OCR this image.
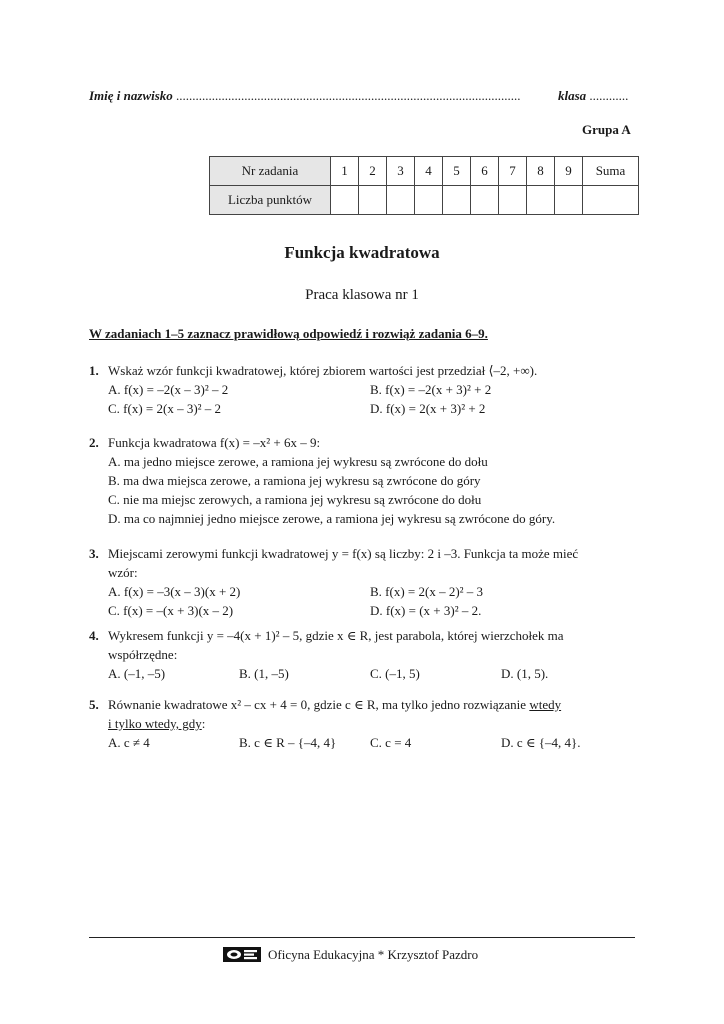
Imię i nazwisko ..........................................................................................................	klasa ............
Grupa A
Nr zadania	1	2	3	4	5	6	7	8	9	Suma
Liczba punktów										
Funkcja kwadratowa
Praca klasowa nr 1
W zadaniach 1–5 zaznacz prawidłową odpowiedź i rozwiąż zadania 6–9.
1. Wskaż wzór funkcji kwadratowej, której zbiorem wartości jest przedział ⟨–2, +∞).
A. f(x) = –2(x – 3)² – 2	B. f(x) = –2(x + 3)² + 2
C. f(x) = 2(x – 3)² – 2	D. f(x) = 2(x + 3)² + 2
2. Funkcja kwadratowa f(x) = –x² + 6x – 9:
A. ma jedno miejsce zerowe, a ramiona jej wykresu są zwrócone do dołu
B. ma dwa miejsca zerowe, a ramiona jej wykresu są zwrócone do góry
C. nie ma miejsc zerowych, a ramiona jej wykresu są zwrócone do dołu
D. ma co najmniej jedno miejsce zerowe, a ramiona jej wykresu są zwrócone do góry.
3. Miejscami zerowymi funkcji kwadratowej y = f(x) są liczby: 2 i –3. Funkcja ta może mieć
wzór:
A. f(x) = –3(x – 3)(x + 2)	B. f(x) = 2(x – 2)² – 3
C. f(x) = –(x + 3)(x – 2)	D. f(x) = (x + 3)² – 2.
4. Wykresem funkcji y = –4(x + 1)² – 5, gdzie x ∈ R, jest parabola, której wierzchołek ma
współrzędne:
A. (–1, –5)	B. (1, –5)	C. (–1, 5)	D. (1, 5).
5. Równanie kwadratowe x² – cx + 4 = 0, gdzie c ∈ R, ma tylko jedno rozwiązanie wtedy
i tylko wtedy, gdy:
A. c ≠ 4	B. c ∈ R – {–4, 4}	C. c = 4	D. c ∈ {–4, 4}.
Oficyna Edukacyjna * Krzysztof Pazdro
